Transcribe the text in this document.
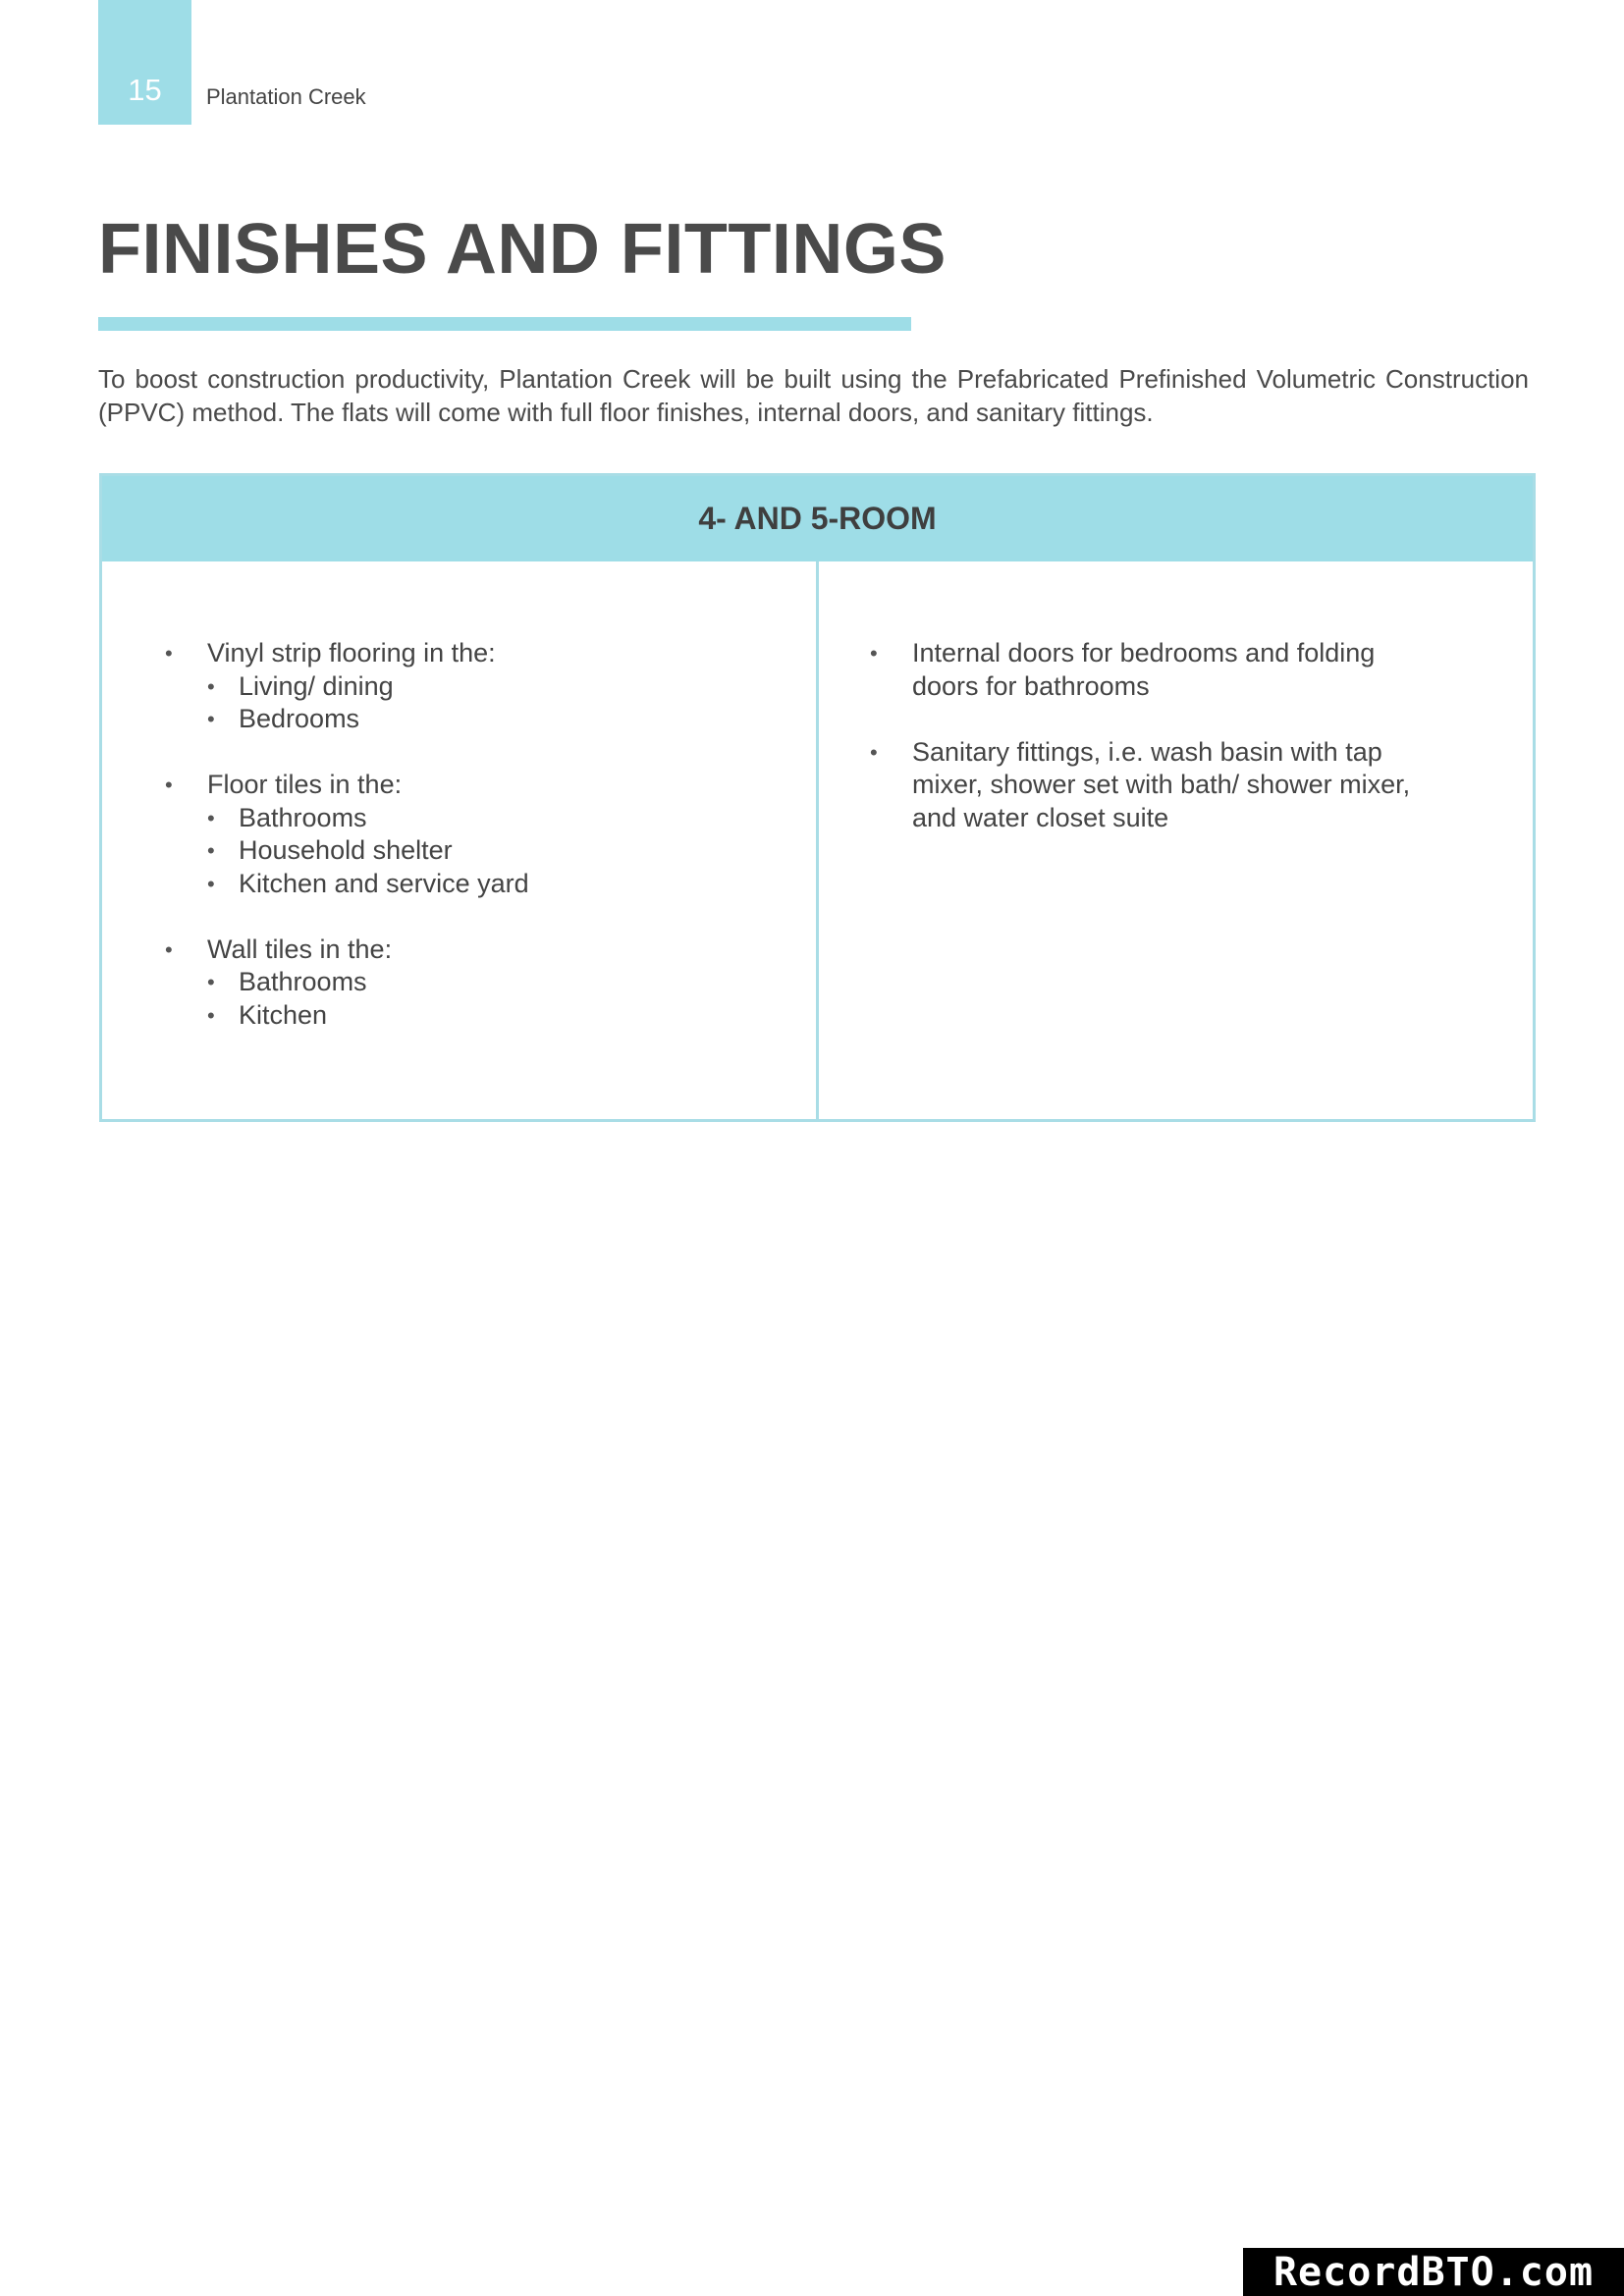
15	Plantation Creek
FINISHES AND FITTINGS

To boost construction productivity, Plantation Creek will be built using the Prefabricated Prefinished Volumetric Construction (PPVC) method. The flats will come with full floor finishes, internal doors, and sanitary fittings.

4- AND 5-ROOM
• Vinyl strip flooring in the:
• Living/ dining
• Bedrooms
• Floor tiles in the:
• Bathrooms
• Household shelter
• Kitchen and service yard
• Wall tiles in the:
• Bathrooms
• Kitchen
• Internal doors for bedrooms and folding doors for bathrooms
• Sanitary fittings, i.e. wash basin with tap mixer, shower set with bath/ shower mixer, and water closet suite
RecordBTO.com
